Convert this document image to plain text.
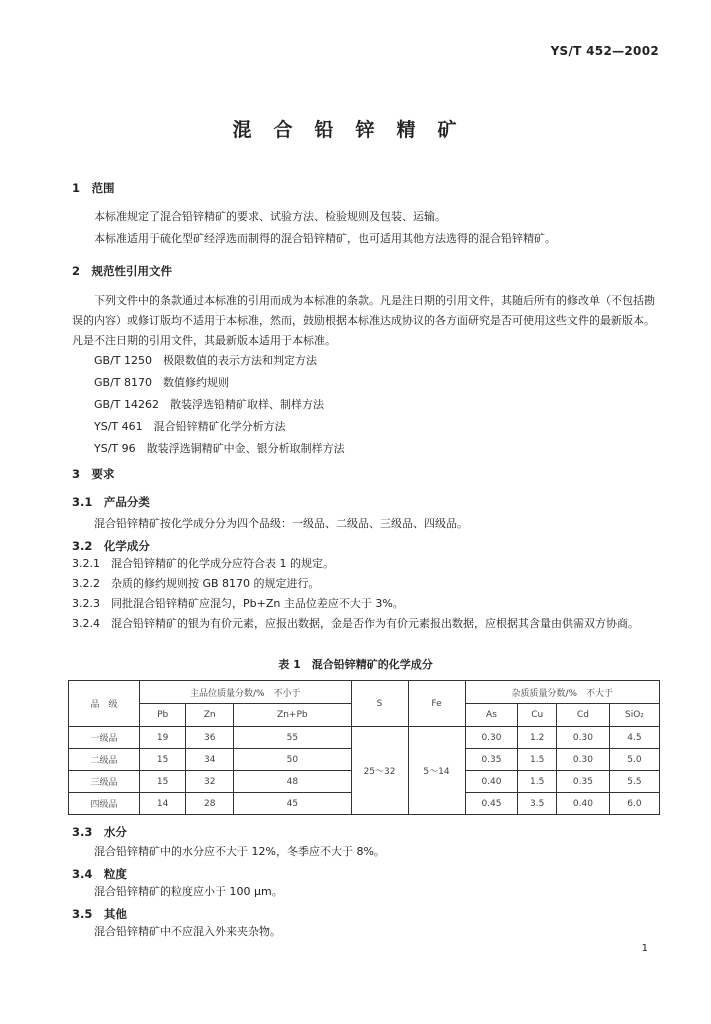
YS/T 452—2002
混合铅锌精矿
1　范围
本标准规定了混合铅锌精矿的要求、试验方法、检验规则及包装、运输。
本标准适用于硫化型矿经浮选而制得的混合铅锌精矿，也可适用其他方法选得的混合铅锌精矿。
2　规范性引用文件
下列文件中的条款通过本标准的引用而成为本标准的条款。凡是注日期的引用文件，其随后所有的修改单（不包括勘误的内容）或修订版均不适用于本标准，然而，鼓励根据本标准达成协议的各方面研究是否可使用这些文件的最新版本。凡是不注日期的引用文件，其最新版本适用于本标准。
GB/T 1250　极限数值的表示方法和判定方法
GB/T 8170　数值修约规则
GB/T 14262　散装浮选铅精矿取样、制样方法
YS/T 461　混合铅锌精矿化学分析方法
YS/T 96　散装浮选铜精矿中金、银分析取制样方法
3　要求
3.1　产品分类
混合铅锌精矿按化学成分分为四个品级：一级品、二级品、三级品、四级品。
3.2　化学成分
3.2.1　混合铅锌精矿的化学成分应符合表 1 的规定。
3.2.2　杂质的修约规则按 GB 8170 的规定进行。
3.2.3　同批混合铅锌精矿应混匀，Pb+Zn 主品位差应不大于 3%。
3.2.4　混合铅锌精矿的银为有价元素，应报出数据，金是否作为有价元素报出数据，应根据其含量由供需双方协商。
表 1　混合铅锌精矿的化学成分
品　级	主品位质量分数/%　不小于			S	Fe	杂质质量分数/%　不大于			
	Pb	Zn	Zn+Pb			As	Cu	Cd	SiO₂
一级品	19	36	55	25～32	5～14	0.30	1.2	0.30	4.5
二级品	15	34	50			0.35	1.5	0.30	5.0
三级品	15	32	48			0.40	1.5	0.35	5.5
四级品	14	28	45			0.45	3.5	0.40	6.0
3.3　水分
混合铅锌精矿中的水分应不大于 12%，冬季应不大于 8%。
3.4　粒度
混合铅锌精矿的粒度应小于 100 μm。
3.5　其他
混合铅锌精矿中不应混入外来夹杂物。
1
